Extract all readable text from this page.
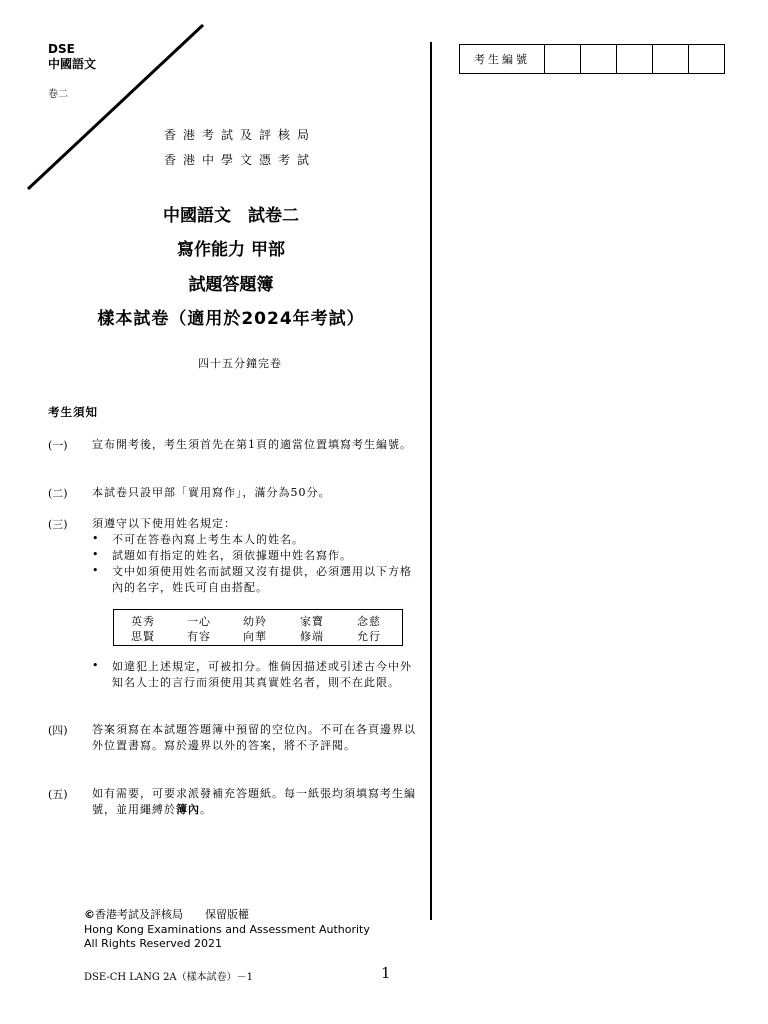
DSE
中國語文
卷二
香港考試及評核局
香港中學文憑考試
中國語文　試卷二
寫作能力 甲部
試題答題簿
樣本試卷（適用於2024年考試）
四十五分鐘完卷
考生須知
(一) 宣布開考後，考生須首先在第1頁的適當位置填寫考生編號。
(二) 本試卷只設甲部「實用寫作」，滿分為50分。
(三) 須遵守以下使用姓名規定：
• 不可在答卷內寫上考生本人的姓名。
• 試題如有指定的姓名，須依據題中姓名寫作。
• 文中如須使用姓名而試題又沒有提供，必須選用以下方格內的名字，姓氏可自由搭配。
英秀	一心	幼羚	家寶	念慈
思賢	有容	向華	修端	允行
• 如違犯上述規定，可被扣分。惟倘因描述或引述古今中外知名人士的言行而須使用其真實姓名者，則不在此限。
(四) 答案須寫在本試題答題簿中預留的空位內。不可在各頁邊界以外位置書寫。寫於邊界以外的答案，將不予評閱。
(五) 如有需要，可要求派發補充答題紙。每一紙張均須填寫考生編號，並用繩縛於簿內。
考生編號					
©香港考試及評核局　　保留版權
Hong Kong Examinations and Assessment Authority
All Rights Reserved 2021
DSE-CH LANG 2A（樣本試卷）－1	1
